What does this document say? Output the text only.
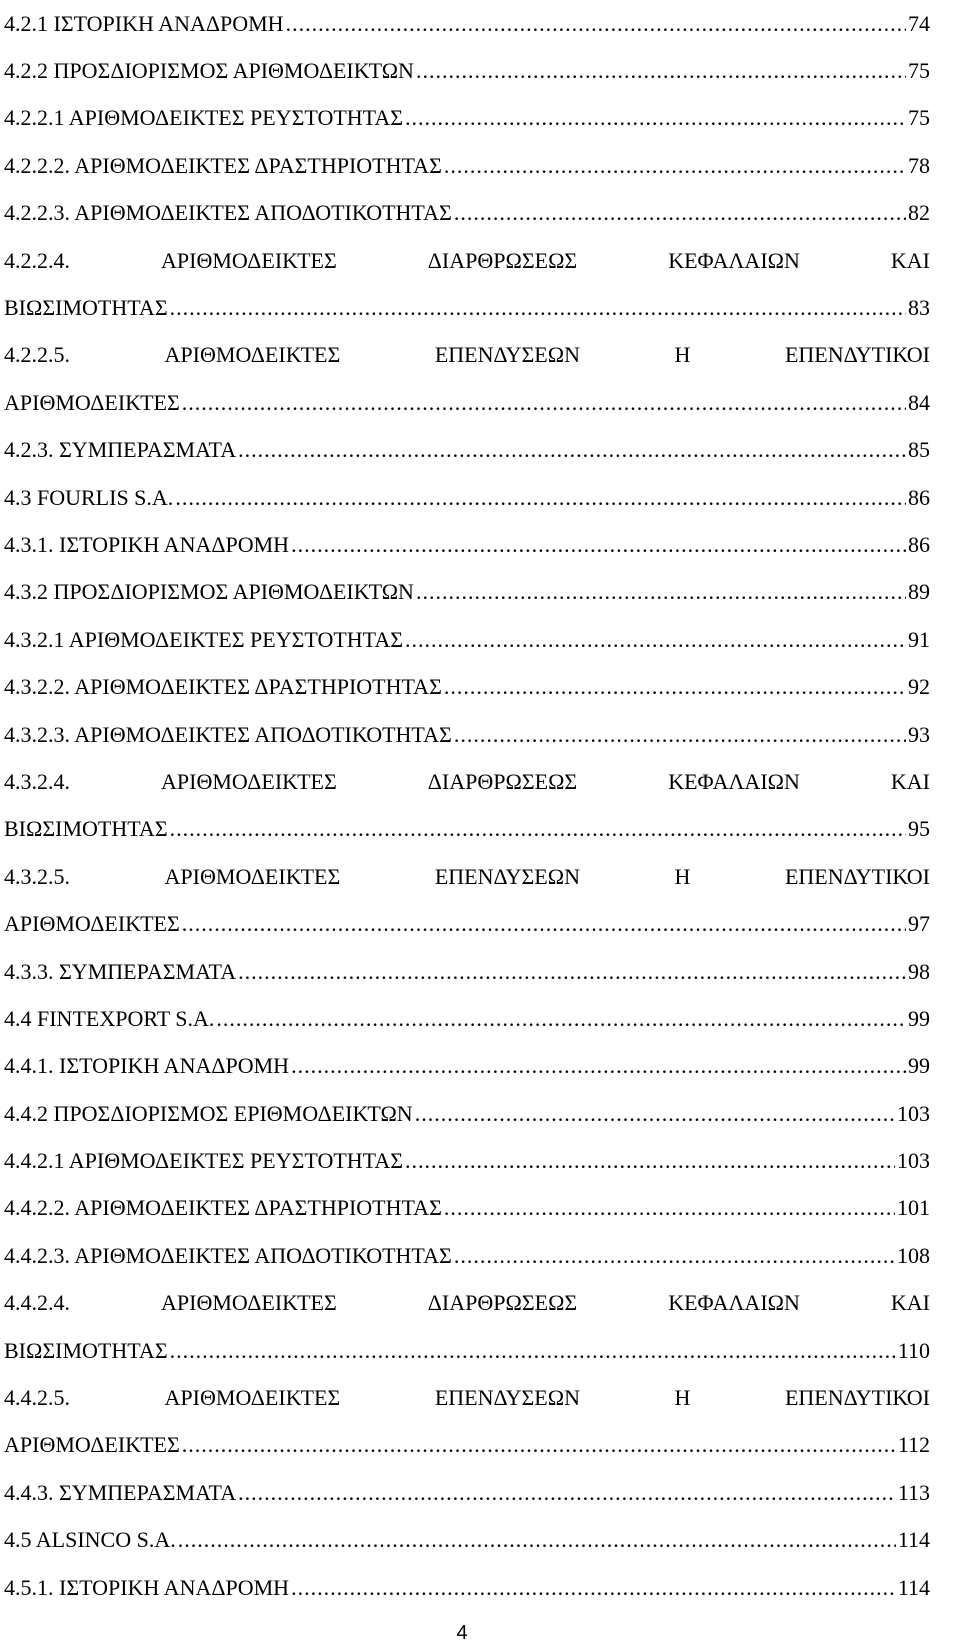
4.2.1 ΙΣΤΟΡΙΚΗ ΑΝΑΔΡΟΜΗ .....	74
4.2.2 ΠΡΟΣΔΙΟΡΙΣΜΟΣ ΑΡΙΘΜΟΔΕΙΚΤΩΝ .....	75
4.2.2.1 ΑΡΙΘΜΟΔΕΙΚΤΕΣ ΡΕΥΣΤΟΤΗΤΑΣ .....	75
4.2.2.2. ΑΡΙΘΜΟΔΕΙΚΤΕΣ ΔΡΑΣΤΗΡΙΟΤΗΤΑΣ .....	78
4.2.2.3. ΑΡΙΘΜΟΔΕΙΚΤΕΣ ΑΠΟΔΟΤΙΚΟΤΗΤΑΣ .....	82
4.2.2.4.	ΑΡΙΘΜΟΔΕΙΚΤΕΣ	ΔΙΑΡΘΡΩΣΕΩΣ	ΚΕΦΑΛΑΙΩΝ	ΚΑΙ
ΒΙΩΣΙΜΟΤΗΤΑΣ .....	83
4.2.2.5.	ΑΡΙΘΜΟΔΕΙΚΤΕΣ	ΕΠΕΝΔΥΣΕΩΝ	Η	ΕΠΕΝΔΥΤΙΚΟΙ
ΑΡΙΘΜΟΔΕΙΚΤΕΣ .....	84
4.2.3. ΣΥΜΠΕΡΑΣΜΑΤΑ .....	85
4.3 FOURLIS S.A. .....	86
4.3.1. ΙΣΤΟΡΙΚΗ ΑΝΑΔΡΟΜΗ .....	86
4.3.2 ΠΡΟΣΔΙΟΡΙΣΜΟΣ ΑΡΙΘΜΟΔΕΙΚΤΩΝ .....	89
4.3.2.1 ΑΡΙΘΜΟΔΕΙΚΤΕΣ ΡΕΥΣΤΟΤΗΤΑΣ .....	91
4.3.2.2. ΑΡΙΘΜΟΔΕΙΚΤΕΣ ΔΡΑΣΤΗΡΙΟΤΗΤΑΣ .....	92
4.3.2.3. ΑΡΙΘΜΟΔΕΙΚΤΕΣ ΑΠΟΔΟΤΙΚΟΤΗΤΑΣ .....	93
4.3.2.4.	ΑΡΙΘΜΟΔΕΙΚΤΕΣ	ΔΙΑΡΘΡΩΣΕΩΣ	ΚΕΦΑΛΑΙΩΝ	ΚΑΙ
ΒΙΩΣΙΜΟΤΗΤΑΣ .....	95
4.3.2.5.	ΑΡΙΘΜΟΔΕΙΚΤΕΣ	ΕΠΕΝΔΥΣΕΩΝ	Η	ΕΠΕΝΔΥΤΙΚΟΙ
ΑΡΙΘΜΟΔΕΙΚΤΕΣ .....	97
4.3.3. ΣΥΜΠΕΡΑΣΜΑΤΑ .....	98
4.4 FINTEXPORT S.A. .....	99
4.4.1. ΙΣΤΟΡΙΚΗ ΑΝΑΔΡΟΜΗ .....	99
4.4.2 ΠΡΟΣΔΙΟΡΙΣΜΟΣ ΕΡΙΘΜΟΔΕΙΚΤΩΝ .....	103
4.4.2.1 ΑΡΙΘΜΟΔΕΙΚΤΕΣ ΡΕΥΣΤΟΤΗΤΑΣ .....	103
4.4.2.2. ΑΡΙΘΜΟΔΕΙΚΤΕΣ ΔΡΑΣΤΗΡΙΟΤΗΤΑΣ .....	101
4.4.2.3. ΑΡΙΘΜΟΔΕΙΚΤΕΣ ΑΠΟΔΟΤΙΚΟΤΗΤΑΣ .....	108
4.4.2.4.	ΑΡΙΘΜΟΔΕΙΚΤΕΣ	ΔΙΑΡΘΡΩΣΕΩΣ	ΚΕΦΑΛΑΙΩΝ	ΚΑΙ
ΒΙΩΣΙΜΟΤΗΤΑΣ .....	110
4.4.2.5.	ΑΡΙΘΜΟΔΕΙΚΤΕΣ	ΕΠΕΝΔΥΣΕΩΝ	Η	ΕΠΕΝΔΥΤΙΚΟΙ
ΑΡΙΘΜΟΔΕΙΚΤΕΣ .....	112
4.4.3. ΣΥΜΠΕΡΑΣΜΑΤΑ .....	113
4.5 ALSINCO S.A. .....	114
4.5.1. ΙΣΤΟΡΙΚΗ ΑΝΑΔΡΟΜΗ .....	114
4
